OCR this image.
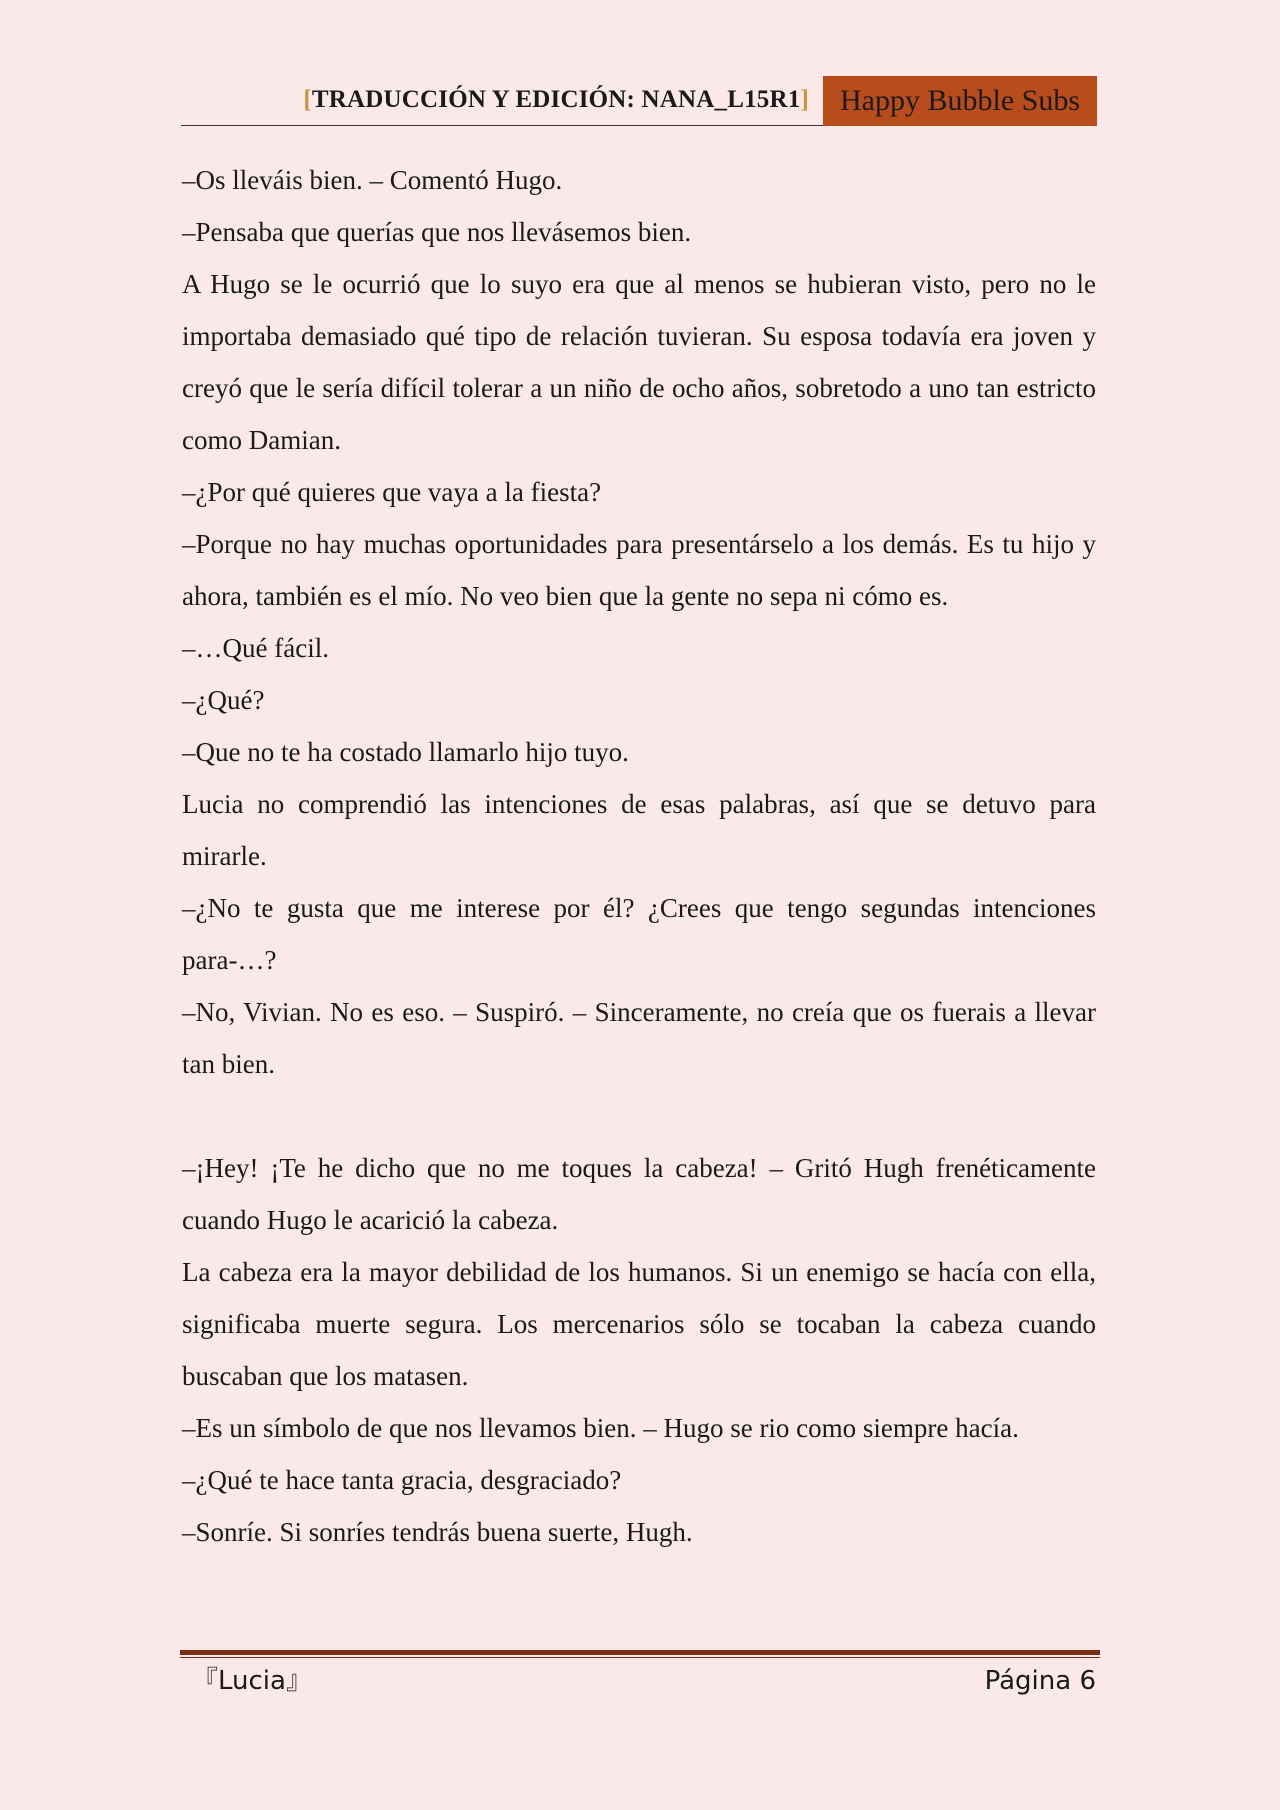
[TRADUCCIÓN Y EDICIÓN: NANA_L15R1]	Happy Bubble Subs

–Os lleváis bien. – Comentó Hugo.

–Pensaba que querías que nos llevásemos bien.

A Hugo se le ocurrió que lo suyo era que al menos se hubieran visto, pero no le importaba demasiado qué tipo de relación tuvieran. Su esposa todavía era joven y creyó que le sería difícil tolerar a un niño de ocho años, sobretodo a uno tan estricto como Damian.

–¿Por qué quieres que vaya a la fiesta?

–Porque no hay muchas oportunidades para presentárselo a los demás. Es tu hijo y ahora, también es el mío. No veo bien que la gente no sepa ni cómo es.

–…Qué fácil.

–¿Qué?

–Que no te ha costado llamarlo hijo tuyo.

Lucia no comprendió las intenciones de esas palabras, así que se detuvo para mirarle.

–¿No te gusta que me interese por él? ¿Crees que tengo segundas intenciones para-…?

–No, Vivian. No es eso. – Suspiró. – Sinceramente, no creía que os fuerais a llevar tan bien.

–¡Hey! ¡Te he dicho que no me toques la cabeza! – Gritó Hugh frenéticamente cuando Hugo le acarició la cabeza.

La cabeza era la mayor debilidad de los humanos. Si un enemigo se hacía con ella, significaba muerte segura. Los mercenarios sólo se tocaban la cabeza cuando buscaban que los matasen.

–Es un símbolo de que nos llevamos bien. – Hugo se rio como siempre hacía.

–¿Qué te hace tanta gracia, desgraciado?

–Sonríe. Si sonríes tendrás buena suerte, Hugh.

『Lucia』	Página 6
